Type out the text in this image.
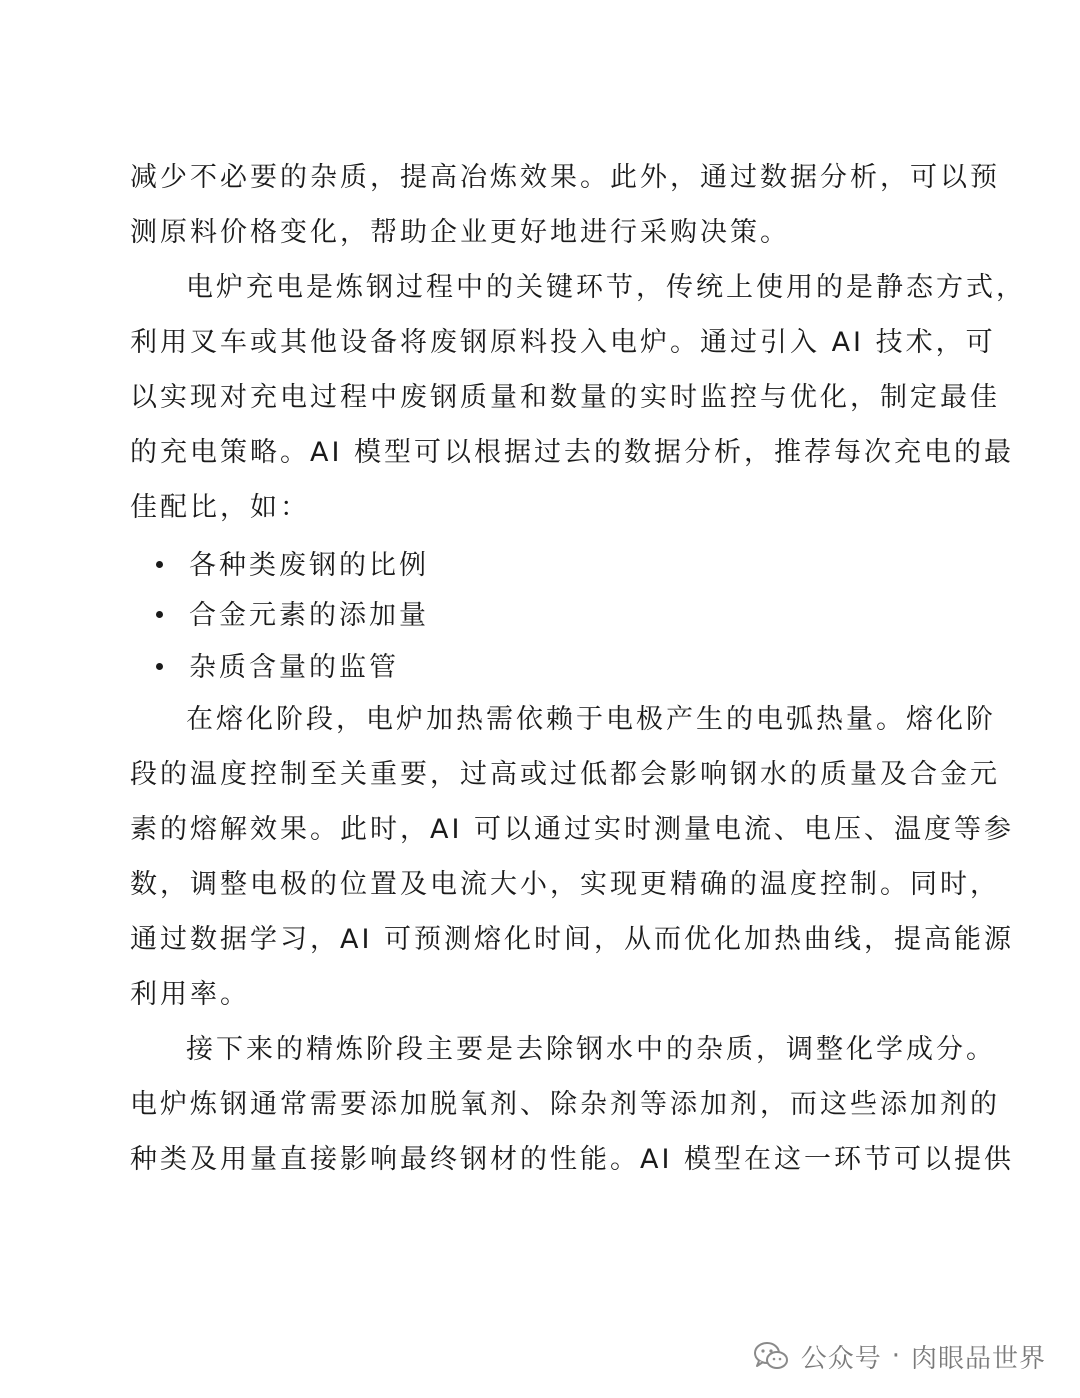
减少不必要的杂质，提高冶炼效果。此外，通过数据分析，可以预
测原料价格变化，帮助企业更好地进行采购决策。
电炉充电是炼钢过程中的关键环节，传统上使用的是静态方式，
利用叉车或其他设备将废钢原料投入电炉。通过引入 AI 技术，可
以实现对充电过程中废钢质量和数量的实时监控与优化，制定最佳
的充电策略。AI 模型可以根据过去的数据分析，推荐每次充电的最
佳配比，如：
各种类废钢的比例
合金元素的添加量
杂质含量的监管
在熔化阶段，电炉加热需依赖于电极产生的电弧热量。熔化阶
段的温度控制至关重要，过高或过低都会影响钢水的质量及合金元
素的熔解效果。此时，AI 可以通过实时测量电流、电压、温度等参
数，调整电极的位置及电流大小，实现更精确的温度控制。同时，
通过数据学习，AI 可预测熔化时间，从而优化加热曲线，提高能源
利用率。
接下来的精炼阶段主要是去除钢水中的杂质，调整化学成分。
电炉炼钢通常需要添加脱氧剂、除杂剂等添加剂，而这些添加剂的
种类及用量直接影响最终钢材的性能。AI 模型在这一环节可以提供
公众号 · 肉眼品世界
